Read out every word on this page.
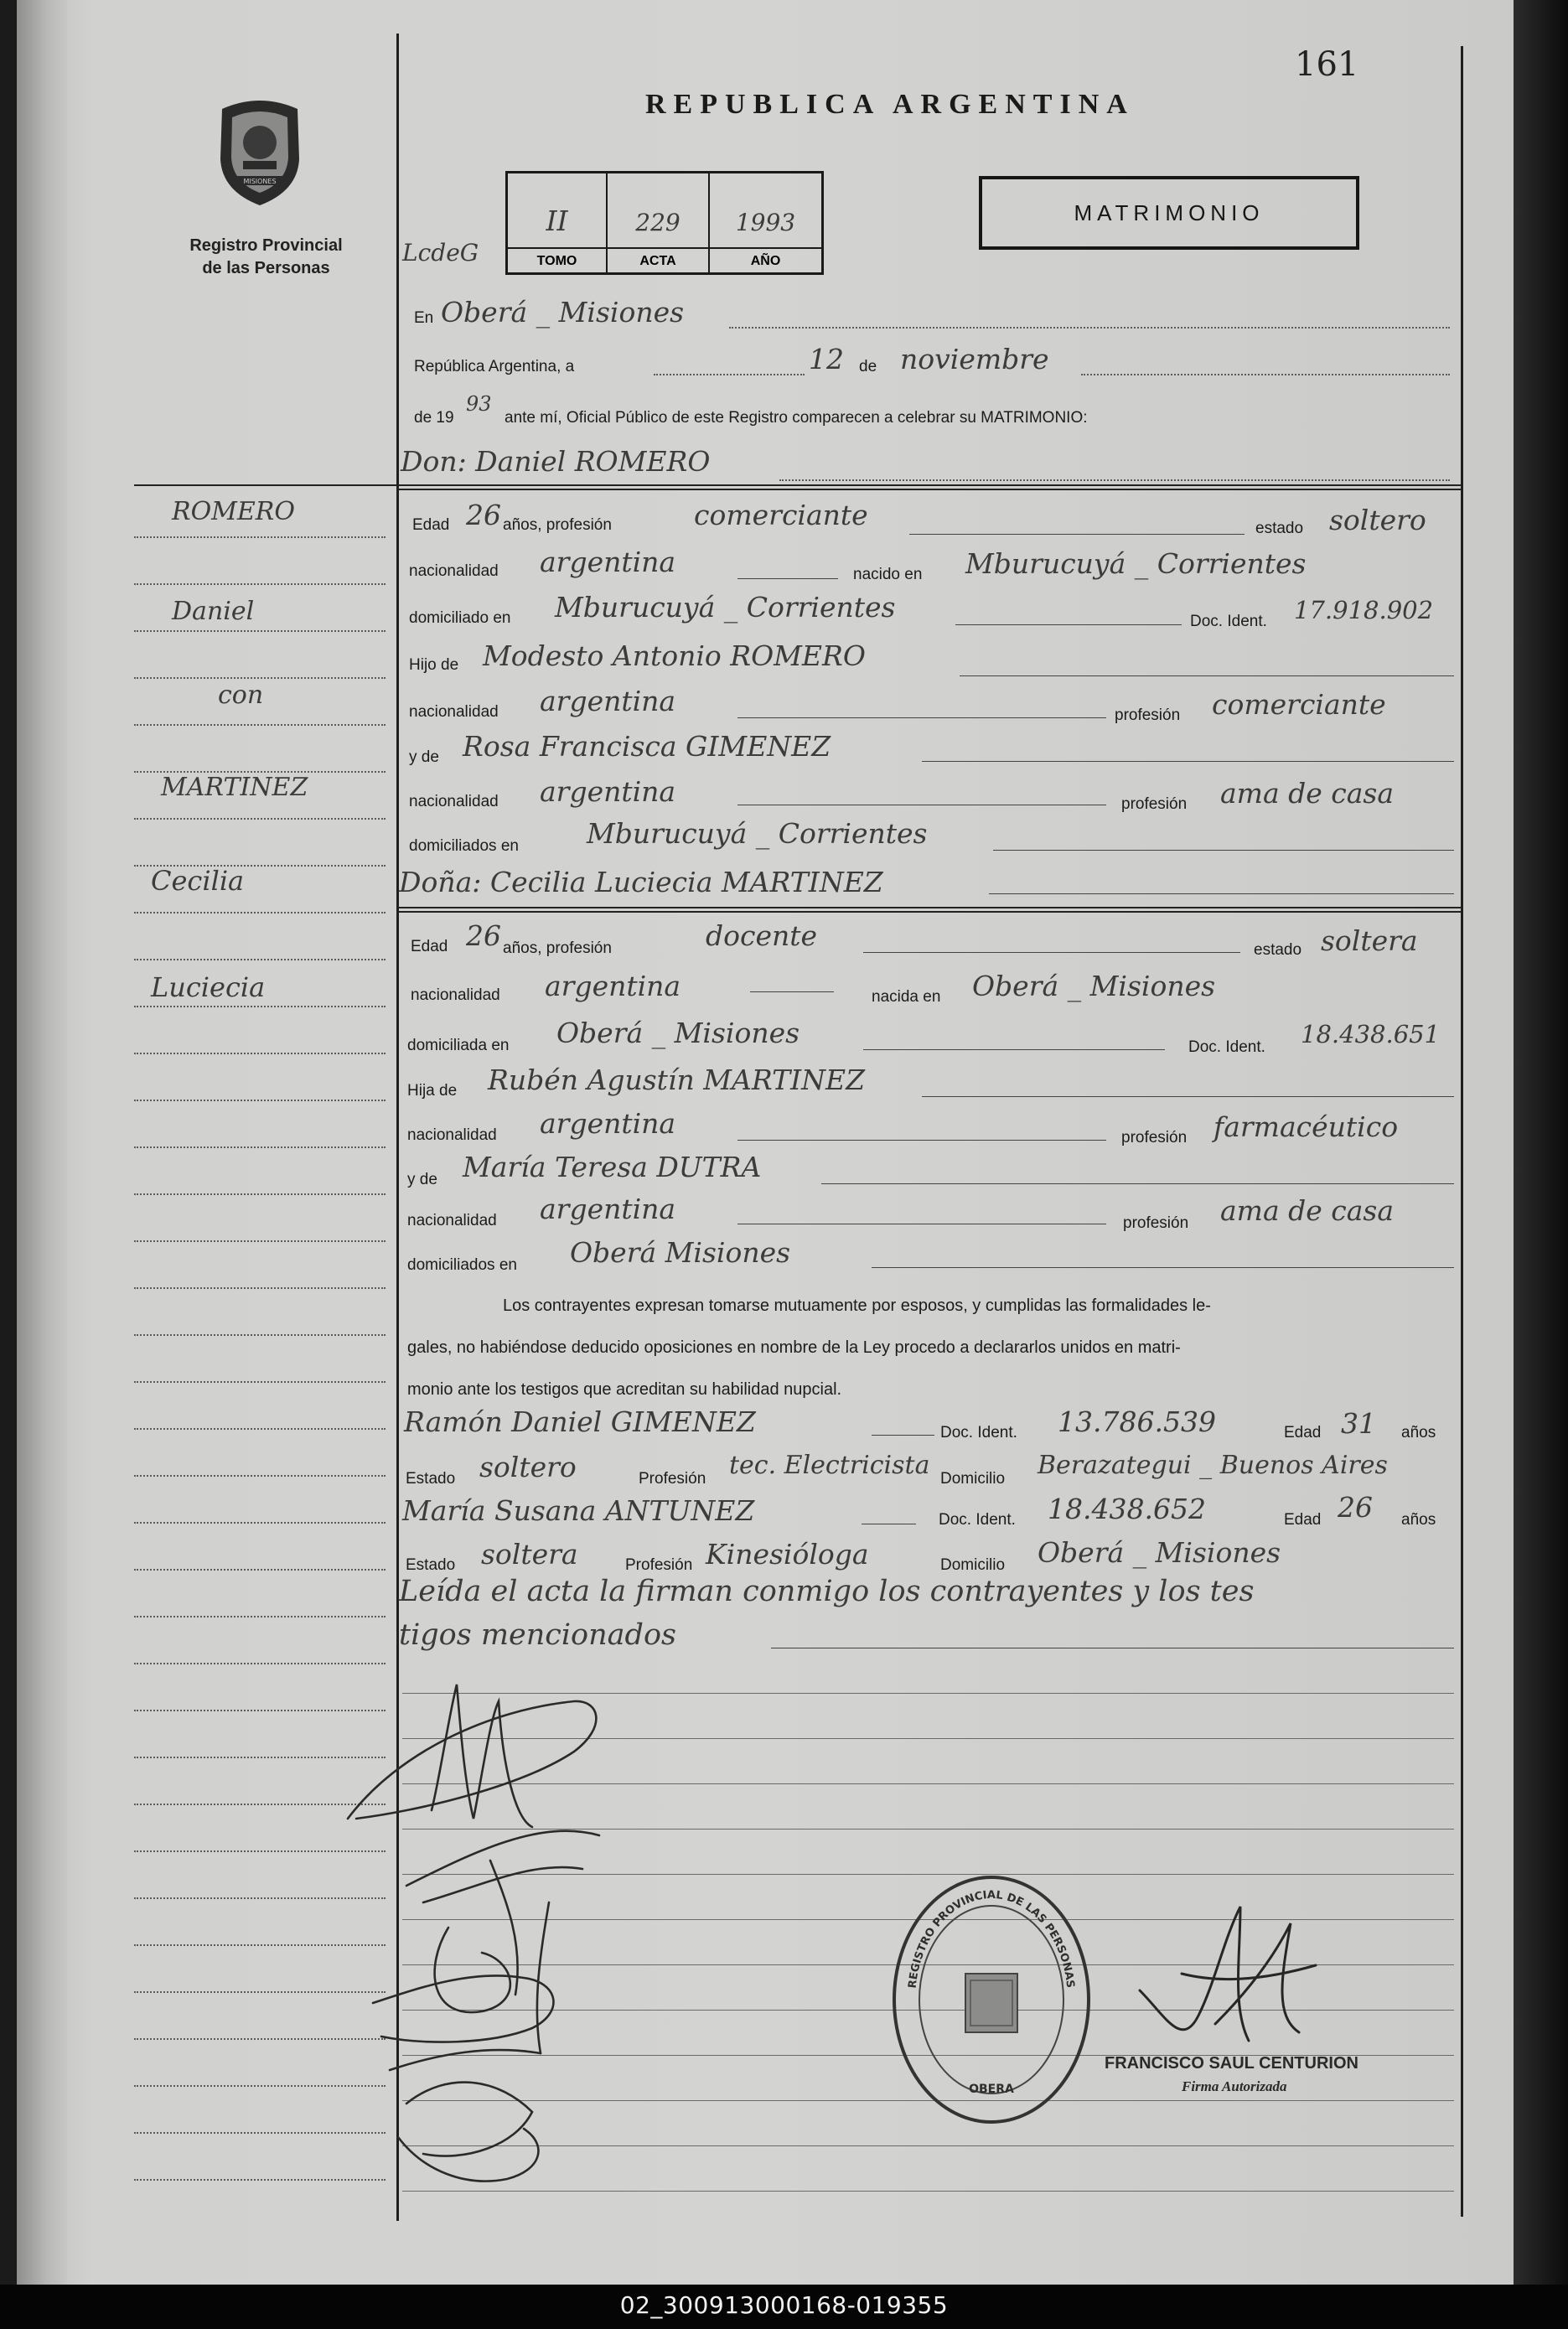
02_300913000168-019355
161
REPUBLICA ARGENTINA
MISIONES
Registro Provincial
de las Personas
LcdeG
II
TOMO
229
ACTA
1993
AÑO
MATRIMONIO
ROMERO
Daniel
con
MARTINEZ
Cecilia
Luciecia
En Oberá _ Misiones
República Argentina, a	12 de noviembre
de 19
93
ante mí, Oficial Público de este Registro comparecen a celebrar su MATRIMONIO:
Don: Daniel ROMERO
Edad 26 años, profesión	comerciante	estado soltero
nacionalidad argentina	nacido en Mburucuyá _ Corrientes
domiciliado en Mburucuyá _ Corrientes	Doc. Ident. 17.918.902
Hijo de Modesto Antonio ROMERO
nacionalidad argentina	profesión comerciante
y de Rosa Francisca GIMENEZ
nacionalidad argentina	profesión ama de casa
domiciliados en Mburucuyá _ Corrientes
Doña: Cecilia Luciecia MARTINEZ
Edad 26 años, profesión	docente	estado soltera
nacionalidad argentina	nacida en Oberá _ Misiones
domiciliada en Oberá _ Misiones	Doc. Ident. 18.438.651
Hija de Rubén Agustín MARTINEZ
nacionalidad argentina	profesión farmacéutico
y de María Teresa DUTRA
nacionalidad argentina	profesión ama de casa
domiciliados en Oberá Misiones
Los contrayentes expresan tomarse mutuamente por esposos, y cumplidas las formalidades le-
gales, no habiéndose deducido oposiciones en nombre de la Ley procedo a declararlos unidos en matri-
monio ante los testigos que acreditan su habilidad nupcial.
Ramón Daniel GIMENEZ	Doc. Ident. 13.786.539	Edad 31 años
Estado soltero	Profesión tec. Electricista Domicilio Berazategui _ Buenos Aires
María Susana ANTUNEZ	Doc. Ident. 18.438.652	Edad 26 años
Estado soltera	Profesión Kinesióloga	Domicilio Oberá _ Misiones
Leída el acta la firman conmigo los contrayentes y los tes
tigos mencionados
REGISTRO PROVINCIAL DE LAS PERSONAS
OBERA
FRANCISCO SAUL CENTURION
Firma Autorizada
